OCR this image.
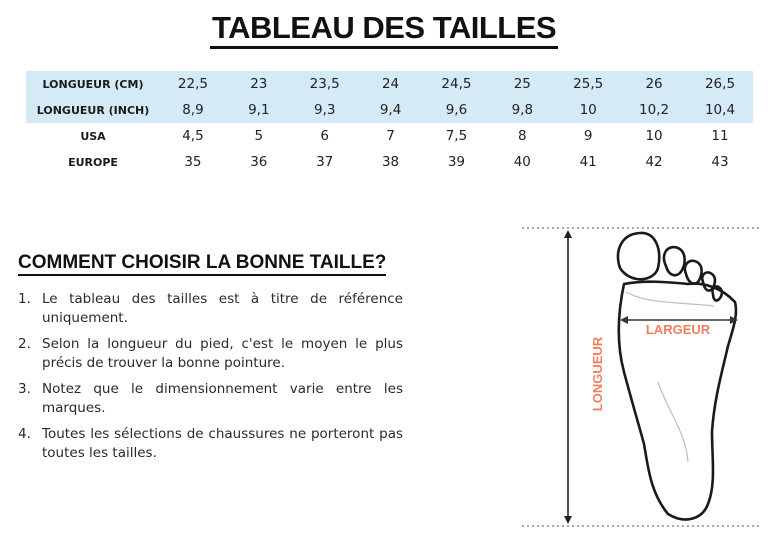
TABLEAU DES TAILLES
LONGUEUR (CM)	22,5	23	23,5	24	24,5	25	25,5	26	26,5
LONGUEUR (INCH)	8,9	9,1	9,3	9,4	9,6	9,8	10	10,2	10,4
USA	4,5	5	6	7	7,5	8	9	10	11
EUROPE	35	36	37	38	39	40	41	42	43
COMMENT CHOISIR LA BONNE TAILLE?
1. Le tableau des tailles est à titre de référence uniquement.
2. Selon la longueur du pied, c'est le moyen le plus précis de trouver la bonne pointure.
3. Notez que le dimensionnement varie entre les marques.
4. Toutes les sélections de chaussures ne porteront pas toutes les tailles.
LONGUEUR
LARGEUR
